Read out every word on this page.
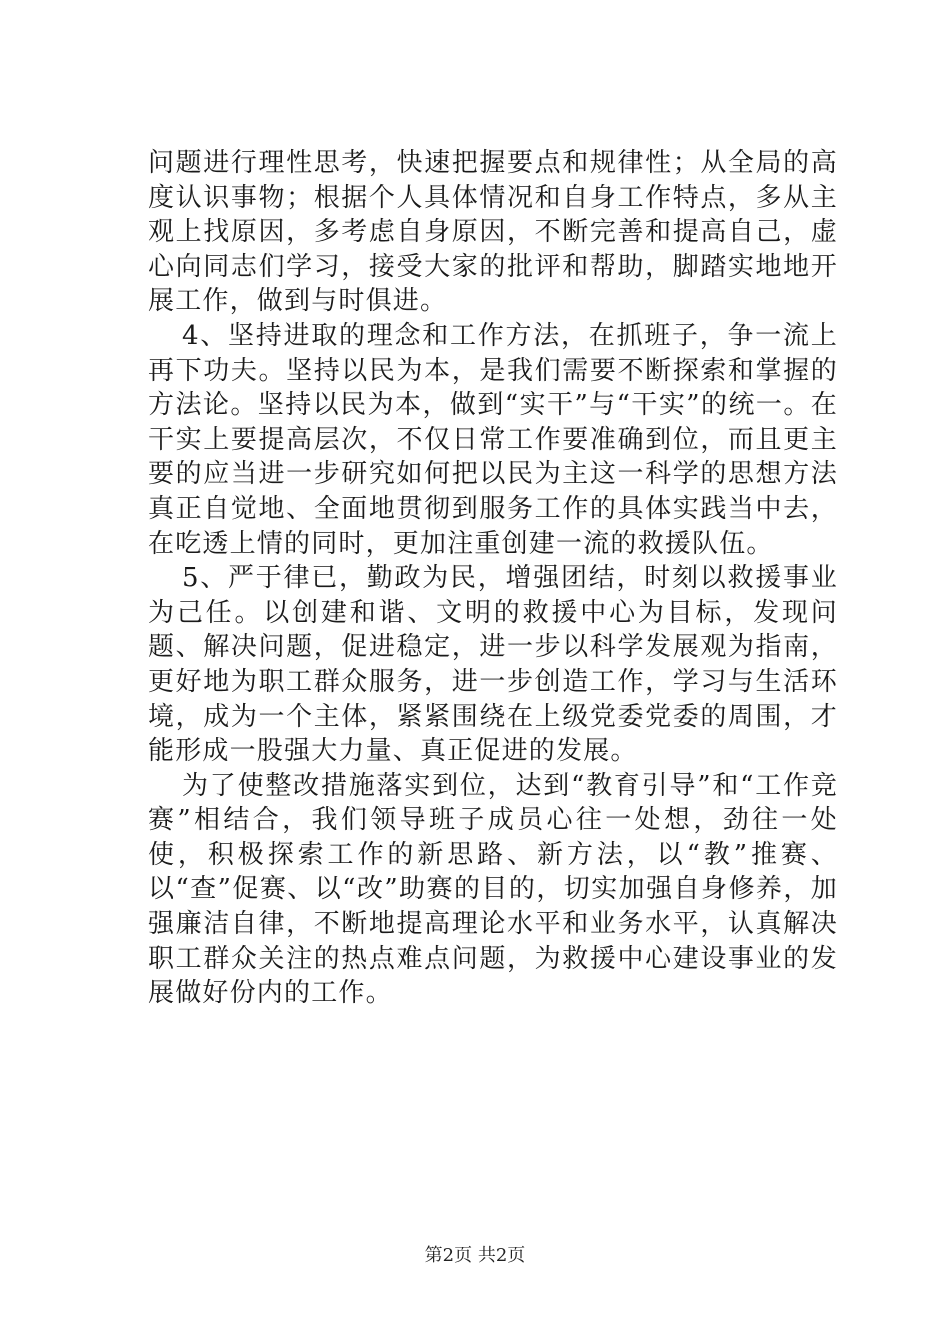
问题进行理性思考，快速把握要点和规律性；从全局的高度认识事物；根据个人具体情况和自身工作特点，多从主观上找原因，多考虑自身原因，不断完善和提高自己，虚心向同志们学习，接受大家的批评和帮助，脚踏实地地开展工作，做到与时俱进。

4、坚持进取的理念和工作方法，在抓班子，争一流上再下功夫。坚持以民为本，是我们需要不断探索和掌握的方法论。坚持以民为本，做到“实干”与“干实”的统一。在干实上要提高层次，不仅日常工作要准确到位，而且更主要的应当进一步研究如何把以民为主这一科学的思想方法真正自觉地、全面地贯彻到服务工作的具体实践当中去，在吃透上情的同时，更加注重创建一流的救援队伍。

5、严于律已，勤政为民，增强团结，时刻以救援事业为己任。以创建和谐、文明的救援中心为目标，发现问题、解决问题，促进稳定，进一步以科学发展观为指南，更好地为职工群众服务，进一步创造工作，学习与生活环境，成为一个主体，紧紧围绕在上级党委党委的周围，才能形成一股强大力量、真正促进的发展。

为了使整改措施落实到位，达到“教育引导”和“工作竞赛”相结合，我们领导班子成员心往一处想，劲往一处使，积极探索工作的新思路、新方法，以“教”推赛、以“查”促赛、以“改”助赛的目的，切实加强自身修养，加强廉洁自律，不断地提高理论水平和业务水平，认真解决职工群众关注的热点难点问题，为救援中心建设事业的发展做好份内的工作。

第2页 共2页
